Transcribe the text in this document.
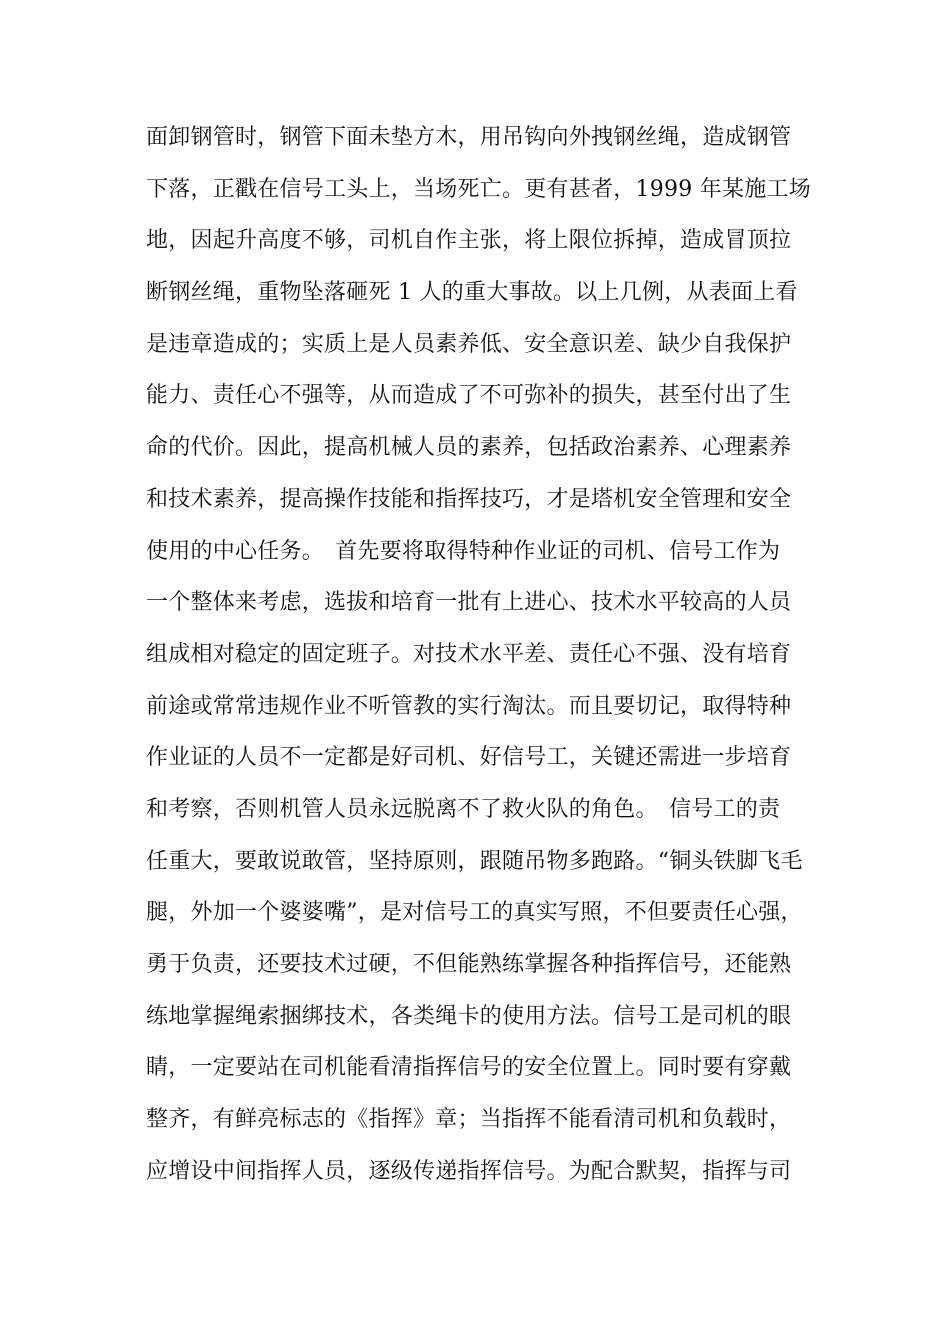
面卸钢管时，钢管下面未垫方木，用吊钩向外拽钢丝绳，造成钢管
下落，正戳在信号工头上，当场死亡。更有甚者，1999 年某施工场
地，因起升高度不够，司机自作主张，将上限位拆掉，造成冒顶拉
断钢丝绳，重物坠落砸死 1 人的重大事故。以上几例，从表面上看
是违章造成的；实质上是人员素养低、安全意识差、缺少自我保护
能力、责任心不强等，从而造成了不可弥补的损失，甚至付出了生
命的代价。因此，提高机械人员的素养，包括政治素养、心理素养
和技术素养，提高操作技能和指挥技巧，才是塔机安全管理和安全
使用的中心任务。　首先要将取得特种作业证的司机、信号工作为
一个整体来考虑，选拔和培育一批有上进心、技术水平较高的人员
组成相对稳定的固定班子。对技术水平差、责任心不强、没有培育
前途或常常违规作业不听管教的实行淘汰。而且要切记，取得特种
作业证的人员不一定都是好司机、好信号工，关键还需进一步培育
和考察，否则机管人员永远脱离不了救火队的角色。　信号工的责
任重大，要敢说敢管，坚持原则，跟随吊物多跑路。“铜头铁脚飞毛
腿，外加一个婆婆嘴”，是对信号工的真实写照，不但要责任心强，
勇于负责，还要技术过硬，不但能熟练掌握各种指挥信号，还能熟
练地掌握绳索捆绑技术，各类绳卡的使用方法。信号工是司机的眼
睛，一定要站在司机能看清指挥信号的安全位置上。同时要有穿戴
整齐，有鲜亮标志的《指挥》章；当指挥不能看清司机和负载时，
应增设中间指挥人员，逐级传递指挥信号。为配合默契，指挥与司
